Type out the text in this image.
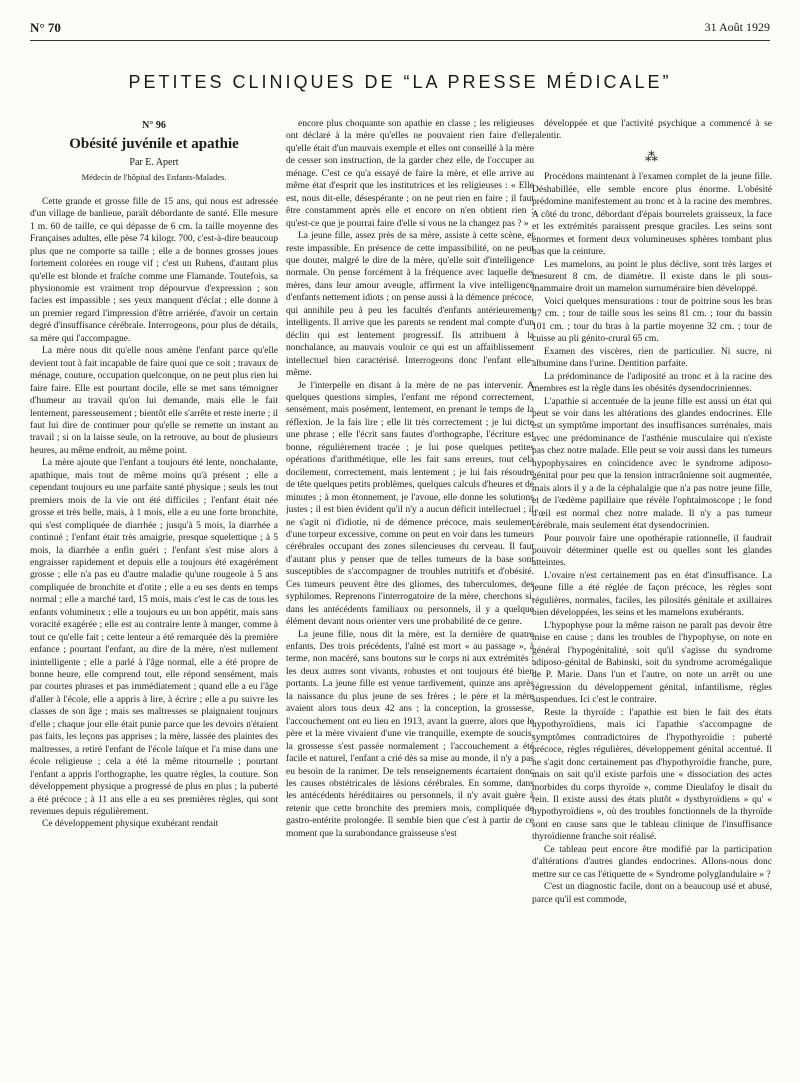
N° 70	31 Août 1929
PETITES CLINIQUES DE “LA PRESSE MÉDICALE”
N° 96
Obésité juvénile et apathie
Par E. Apert
Médecin de l'hôpital des Enfants-Malades.

Cette grande et grosse fille de 15 ans, qui nous est adressée d'un village de banlieue, paraît débordante de santé. Elle mesure 1 m. 60 de taille, ce qui dépasse de 6 cm. la taille moyenne des Françaises adultes, elle pèse 74 kilogr. 700, c'est-à-dire beaucoup plus que ne comporte sa taille ; elle a de bonnes grosses joues fortement colorées en rouge vif ; c'est un Rubens, d'autant plus qu'elle est blonde et fraîche comme une Flamande. Toutefois, sa physionomie est vraiment trop dépourvue d'expression ; son facies est impassible ; ses yeux manquent d'éclat ; elle donne à un premier regard l'impression d'être arriérée, d'avoir un certain degré d'insuffisance cérébrale. Interrogeons, pour plus de détails, sa mère qui l'accompagne.

La mère nous dit qu'elle nous amène l'enfant parce qu'elle devient tout à fait incapable de faire quoi que ce soit ; travaux de ménage, couture, occupation quelconque, on ne peut plus rien lui faire faire. Elle est pourtant docile, elle se met sans témoigner d'humeur au travail qu'on lui demande, mais elle le fait lentement, paresseusement ; bientôt elle s'arrête et reste inerte ; il faut lui dire de continuer pour qu'elle se remette un instant au travail ; si on la laisse seule, on la retrouve, au bout de plusieurs heures, au même endroit, au même point.

La mère ajoute que l'enfant a toujours été lente, nonchalante, apathique, mais tout de même moins qu'à présent ; elle a cependant toujours eu une parfaite santé physique ; seuls les tout premiers mois de la vie ont été difficiles ; l'enfant était née grosse et très belle, mais, à 1 mois, elle a eu une forte bronchite, qui s'est compliquée de diarrhée ; jusqu'à 5 mois, la diarrhée a continué ; l'enfant était très amaigrie, presque squelettique ; à 5 mois, la diarrhée a enfin guéri ; l'enfant s'est mise alors à engraisser rapidement et depuis elle a toujours été exagérément grosse ; elle n'a pas eu d'autre maladie qu'une rougeole à 5 ans compliquée de bronchite et d'otite ; elle a eu ses dents en temps normal ; elle a marché tard, 15 mois, mais c'est le cas de tous les enfants volumineux ; elle a toujours eu un bon appétit, mais sans voracité exagérée ; elle est au contraire lente à manger, comme à tout ce qu'elle fait ; cette lenteur a été remarquée dès la première enfance ; pourtant l'enfant, au dire de la mère, n'est nullement inintelligente ; elle a parlé à l'âge normal, elle a été propre de bonne heure, elle comprend tout, elle répond sensément, mais par courtes phrases et pas immédiatement ; quand elle a eu l'âge d'aller à l'école, elle a appris à lire, à écrire ; elle a pu suivre les classes de son âge ; mais ses maîtresses se plaignaient toujours d'elle ; chaque jour elle était punie parce que les devoirs n'étaient pas faits, les leçons pas apprises ; la mère, lassée des plaintes des maîtresses, a retiré l'enfant de l'école laïque et l'a mise dans une école religieuse ; cela a été la même ritournelle ; pourtant l'enfant a appris l'orthographe, les quatre règles, la couture. Son développement physique a progressé de plus en plus ; la puberté a été précoce ; à 11 ans elle a eu ses premières règles, qui sont revenues depuis régulièrement.

Ce développement physique exubérant rendait

encore plus choquante son apathie en classe ; les religieuses ont déclaré à la mère qu'elles ne pouvaient rien faire d'elle, qu'elle était d'un mauvais exemple et elles ont conseillé à la mère de cesser son instruction, de la garder chez elle, de l'occuper au ménage. C'est ce qu'a essayé de faire la mère, et elle arrive au même état d'esprit que les institutrices et les religieuses : « Elle est, nous dit-elle, désespérante ; on ne peut rien en faire ; il faut être constamment après elle et encore on n'en obtient rien ; qu'est-ce que je pourrai faire d'elle si vous ne la changez pas ? »

La jeune fille, assez près de sa mère, assiste à cette scène, et reste impassible. En présence de cette impassibilité, on ne peut que douter, malgré le dire de la mère, qu'elle soit d'intelligence normale. On pense forcément à la fréquence avec laquelle des mères, dans leur amour aveugle, affirment la vive intelligence d'enfants nettement idiots ; on pense aussi à la démence précoce, qui annihile peu à peu les facultés d'enfants antérieurement intelligents. Il arrive que les parents se rendent mal compte d'un déclin qui est lentement progressif. Ils attribuent à la nonchalance, au mauvais vouloir ce qui est un affaiblissement intellectuel bien caractérisé. Interrogeons donc l'enfant elle-même.

Je l'interpelle en disant à la mère de ne pas intervenir. A quelques questions simples, l'enfant me répond correctement, sensément, mais posément, lentement, en prenant le temps de la réflexion. Je la fais lire ; elle lit très correctement ; je lui dicte une phrase ; elle l'écrit sans fautes d'orthographe, l'écriture est bonne, régulièrement tracée ; je lui pose quelques petites opérations d'arithmétique, elle les fait sans erreurs, tout cela docilement, correctement, mais lentement ; je lui fais résoudre de tête quelques petits problèmes, quelques calculs d'heures et de minutes ; à mon étonnement, je l'avoue, elle donne les solutions justes ; il est bien évident qu'il n'y a aucun déficit intellectuel ; il ne s'agit ni d'idiotie, ni de démence précoce, mais seulement d'une torpeur excessive, comme on peut en voir dans les tumeurs cérébrales occupant des zones silencieuses du cerveau. Il faut d'autant plus y penser que de telles tumeurs de la base sont susceptibles de s'accompagner de troubles nutritifs et d'obésité. Ces tumeurs peuvent être des gliomes, des tuberculomes, des syphilomes. Reprenons l'interrogatoire de la mère, cherchons si, dans les antécédents familiaux ou personnels, il y a quelque élément devant nous orienter vers une probabilité de ce genre.

La jeune fille, nous dit la mère, est la dernière de quatre enfants. Des trois précédents, l'aîné est mort « au passage », à terme, non macéré, sans boutons sur le corps ni aux extrémités ; les deux autres sont vivants, robustes et ont toujours été bien portants. La jeune fille est venue tardivement, quinze ans après la naissance du plus jeune de ses frères ; le père et la mère avaient alors tous deux 42 ans ; la conception, la grossesse, l'accouchement ont eu lieu en 1913, avant la guerre, alors que le père et la mère vivaient d'une vie tranquille, exempte de soucis, la grossesse s'est passée normalement ; l'accouchement a été facile et naturel, l'enfant a crié dès sa mise au monde, il n'y a pas eu besoin de la ranimer. De tels renseignements écartaient donc les causes obstétricales de lésions cérébrales. En somme, dans les antécédents héréditaires ou personnels, il n'y avait guère à retenir que cette bronchite des premiers mois, compliquée de gastro-entérite prolongée. Il semble bien que c'est à partir de ce moment que la surabondance graisseuse s'est

développée et que l'activité psychique a commencé à se ralentir.

⁂

Procédons maintenant à l'examen complet de la jeune fille. Déshabillée, elle semble encore plus énorme. L'obésité prédomine manifestement au tronc et à la racine des membres. A côté du tronc, débordant d'épais bourrelets graisseux, la face et les extrémités paraissent presque graciles. Les seins sont énormes et forment deux volumineuses sphères tombant plus bas que la ceinture.

Les mamelons, au point le plus déclive, sont très larges et mesurent 8 cm. de diamètre. Il existe dans le pli sous-mammaire droit un mamelon surnuméraire bien développé.

Voici quelques mensurations : tour de poitrine sous les bras 87 cm. ; tour de taille sous les seins 81 cm. ; tour du bassin 101 cm. ; tour du bras à la partie moyenne 32 cm. ; tour de cuisse au pli génito-crural 65 cm.

Examen des viscères, rien de particulier. Ni sucre, ni albumine dans l'urine. Dentition parfaite.

La prédominance de l'adiposité au tronc et à la racine des membres est la règle dans les obésités dysendocriniennes.

L'apathie si accentuée de la jeune fille est aussi un état qui peut se voir dans les altérations des glandes endocrines. Elle est un symptôme important des insuffisances surrénales, mais avec une prédominance de l'asthénie musculaire qui n'existe pas chez notre malade. Elle peut se voir aussi dans les tumeurs hypophysaires en coïncidence avec le syndrome adiposo-génital pour peu que la tension intracrânienne soit augmentée, mais alors il y a de la céphalalgie que n'a pas notre jeune fille, et de l'œdème papillaire que révèle l'ophtalmoscope ; le fond d'œil est normal chez notre malade. Il n'y a pas tumeur cérébrale, mais seulement état dysendocrinien.

Pour pouvoir faire une opothérapie rationnelle, il faudrait pouvoir déterminer quelle est ou quelles sont les glandes atteintes.

L'ovaire n'est certainement pas en état d'insuffisance. La jeune fille a été réglée de façon précoce, les règles sont régulières, normales, faciles, les pilosités génitale et axillaires bien développées, les seins et les mamelons exubérants.

L'hypophyse pour la même raison ne paraît pas devoir être mise en cause ; dans les troubles de l'hypophyse, on note en général l'hypogénitalité, soit qu'il s'agisse du syndrome adiposo-génital de Babinski, soit du syndrome acromégalique de P. Marie. Dans l'un et l'autre, on note un arrêt ou une régression du développement génital, infantilisme, règles suspendues. Ici c'est le contraire.

Reste la thyroïde : l'apathie est bien le fait des états hypothyroïdiens, mais ici l'apathie s'accompagne de symptômes contradictoires de l'hypothyroïdie : puberté précoce, règles régulières, développement génital accentué. Il ne s'agit donc certainement pas d'hypothyroïdie franche, pure, mais on sait qu'il existe parfois une « dissociation des actes morbides du corps thyroïde », comme Dieulafoy le disait du rein. Il existe aussi des états plutôt « dysthyroïdiens » qu' « hypothyroïdiens », où des troubles fonctionnels de la thyroïde sont en cause sans que le tableau clinique de l'insuffisance thyroïdienne franche soit réalisé.

Ce tableau peut encore être modifié par la participation d'altérations d'autres glandes endocrines. Allons-nous donc mettre sur ce cas l'étiquette de « Syndrome polyglandulaire » ?

C'est un diagnostic facile, dont on a beaucoup usé et abusé, parce qu'il est commode,
